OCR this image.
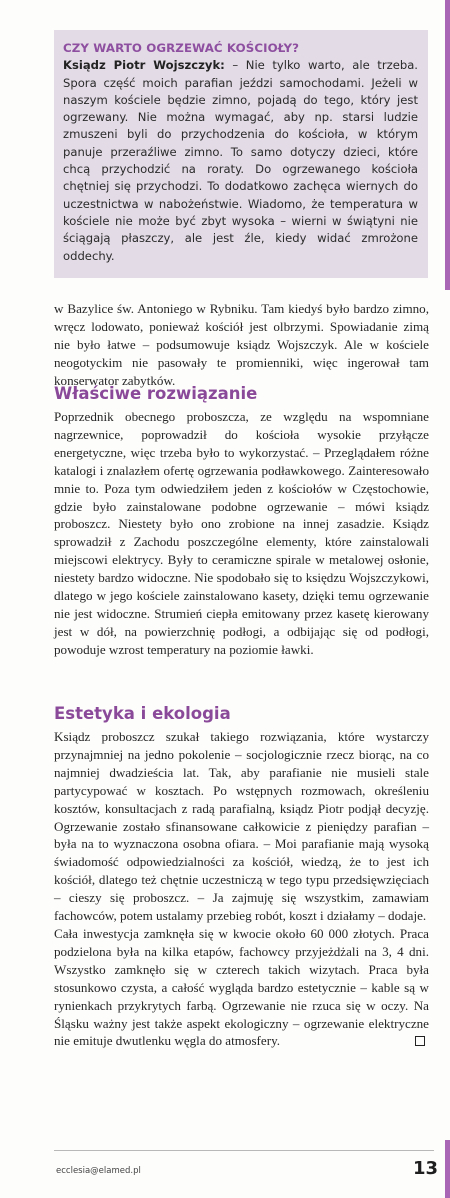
CZY WARTO OGRZEWAĆ KOŚCIOŁY?
Ksiądz Piotr Wojszczyk: – Nie tylko warto, ale trzeba. Spora część moich parafian jeździ samochodami. Jeżeli w naszym kościele będzie zimno, pojadą do tego, który jest ogrzewany. Nie można wymagać, aby np. starsi ludzie zmuszeni byli do przychodzenia do kościoła, w którym panuje przeraźliwe zimno. To samo dotyczy dzieci, które chcą przychodzić na roraty. Do ogrzewanego kościoła chętniej się przychodzi. To dodatkowo zachęca wiernych do uczestnictwa w nabożeństwie. Wiadomo, że temperatura w kościele nie może być zbyt wysoka – wierni w świątyni nie ściągają płaszczy, ale jest źle, kiedy widać zmrożone oddechy.

w Bazylice św. Antoniego w Rybniku. Tam kiedyś było bardzo zimno, wręcz lodowato, ponieważ kościół jest olbrzymi. Spowiadanie zimą nie było łatwe – podsumowuje ksiądz Wojszczyk. Ale w kościele neogotyckim nie pasowały te promienniki, więc ingerował tam konserwator zabytków.

Właściwe rozwiązanie

Poprzednik obecnego proboszcza, ze względu na wspomniane nagrzewnice, poprowadził do kościoła wysokie przyłącze energetyczne, więc trzeba było to wykorzystać. – Przeglądałem różne katalogi i znalazłem ofertę ogrzewania podławkowego. Zainteresowało mnie to. Poza tym odwiedziłem jeden z kościołów w Częstochowie, gdzie było zainstalowane podobne ogrzewanie – mówi ksiądz proboszcz. Niestety było ono zrobione na innej zasadzie. Ksiądz sprowadził z Zachodu poszczególne elementy, które zainstalowali miejscowi elektrycy. Były to ceramiczne spirale w metalowej osłonie, niestety bardzo widoczne. Nie spodobało się to księdzu Wojszczykowi, dlatego w jego kościele zainstalowano kasety, dzięki temu ogrzewanie nie jest widoczne. Strumień ciepła emitowany przez kasetę kierowany jest w dół, na powierzchnię podłogi, a odbijając się od podłogi, powoduje wzrost temperatury na poziomie ławki.

Estetyka i ekologia

Ksiądz proboszcz szukał takiego rozwiązania, które wystarczy przynajmniej na jedno pokolenie – socjologicznie rzecz biorąc, na co najmniej dwadzieścia lat. Tak, aby parafianie nie musieli stale partycypować w kosztach. Po wstępnych rozmowach, określeniu kosztów, konsultacjach z radą parafialną, ksiądz Piotr podjął decyzję. Ogrzewanie zostało sfinansowane całkowicie z pieniędzy parafian – była na to wyznaczona osobna ofiara. – Moi parafianie mają wysoką świadomość odpowiedzialności za kościół, wiedzą, że to jest ich kościół, dlatego też chętnie uczestniczą w tego typu przedsięwzięciach – cieszy się proboszcz. – Ja zajmuję się wszystkim, zamawiam fachowców, potem ustalamy przebieg robót, koszt i działamy – dodaje.

Cała inwestycja zamknęła się w kwocie około 60 000 złotych. Praca podzielona była na kilka etapów, fachowcy przyjeżdżali na 3, 4 dni. Wszystko zamknęło się w czterech takich wizytach. Praca była stosunkowo czysta, a całość wygląda bardzo estetycznie – kable są w rynienkach przykrytych farbą. Ogrzewanie nie rzuca się w oczy. Na Śląsku ważny jest także aspekt ekologiczny – ogrzewanie elektryczne nie emituje dwutlenku węgla do atmosfery.

ecclesia@elamed.pl	13
